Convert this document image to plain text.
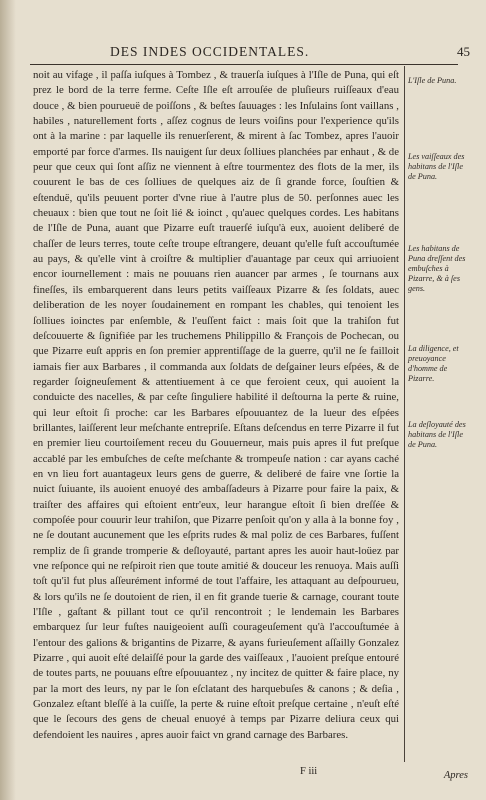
DES INDES OCCIDENTALES.	45

noit au vifage , il paſſa iuſques à Tombez , & trauerſa iuſques à l'Iſle de Puna, qui eſt prez le bord de la terre ferme. Ceſte Iſle eſt arrouſée de pluſieurs ruiſſeaux d'eau douce , & bien pourueuë de poiſſons , & beſtes ſauuages : les Inſulains ſont vaillans , habiles , naturellement forts , aſſez cognus de leurs voiſins pour l'experience qu'ils ont à la marine : par laquelle ils renuerſerent, & mirent à ſac Tombez, apres l'auoir emporté par force d'armes. Ils nauigent ſur deux ſolliues planchées par enhaut , & de peur que ceux qui ſont aſſiz ne viennent à eſtre tourmentez des flots de la mer, ils couurent le bas de ces ſolliues de quelques aiz de ſi grande force, ſouſtien & eſtenduë, qu'ils peuuent porter d'vne riue à l'autre plus de 50. perſonnes auec les cheuaux : bien que tout ne ſoit lié & ioinct , qu'auec quelques cordes. Les habitans de l'Iſle de Puna, auant que Pizarre euſt trauerſé iuſqu'à eux, auoient deliberé de chaſſer de leurs terres, toute ceſte troupe eſtrangere, deuant qu'elle fuſt accouſtumée au pays, & qu'elle vint à croiſtre & multiplier d'auantage par ceux qui arriuoient encor iournellement : mais ne pouuans rien auancer par armes , ſe tournans aux fineſſes, ils embarquerent dans leurs petits vaiſſeaux Pizarre & ſes ſoldats, auec deliberation de les noyer ſoudainement en rompant les chables, qui tenoient les ſolliues ioinctes par enſemble, & l'euſſent faict : mais ſoit que la trahiſon fut deſcouuerte & ſignifiée par les truchemens Philippillo & François de Pochecan, ou que Pizarre euſt appris en ſon premier apprentiſſage de la guerre, qu'il ne ſe failloit iamais fier aux Barbares , il commanda aux ſoldats de deſgainer leurs eſpées, & de regarder ſoigneuſement & attentiuement à ce que feroient ceux, qui auoient la conduicte des nacelles, & par ceſte ſinguliere habilité il deſtourna la perte & ruine, qui leur eſtoit ſi proche: car les Barbares eſpouuantez de la lueur des eſpées brillantes, laiſſerent leur meſchante entrepriſe. Eſtans deſcendus en terre Pizarre il fut en premier lieu courtoiſement receu du Gouuerneur, mais puis apres il fut preſque accablé par les embuſches de ceſte meſchante & trompeuſe nation : car ayans caché en vn lieu fort auantageux leurs gens de guerre, & deliberé de faire vne ſortie la nuict ſuiuante, ils auoient enuoyé des ambaſſadeurs à Pizarre pour faire la paix, & traiſter des affaires qui eſtoient entr'eux, leur harangue eſtoit ſi bien dreſſée & compoſée pour couurir leur trahiſon, que Pizarre penſoit qu'on y alla à la bonne foy , ne ſe doutant aucunement que les eſprits rudes & mal poliz de ces Barbares, fuſſent rempliz de ſi grande tromperie & deſloyauté, partant apres les auoir haut-loüez par vne reſponce qui ne reſpiroit rien que toute amitié & douceur les renuoya. Mais auſſi toſt qu'il fut plus aſſeurément informé de tout l'affaire, les attaquant au deſpourueu, & lors qu'ils ne ſe doutoient de rien, il en fit grande tuerie & carnage, courant toute l'Iſle , gaſtant & pillant tout ce qu'il rencontroit ; le lendemain les Barbares embarquez ſur leur fuſtes nauigeoient auſſi courageuſement qu'à l'accouſtumée à l'entour des galions & brigantins de Pizarre, & ayans furieuſement aſſailly Gonzalez Pizarre , qui auoit eſté delaiſſé pour la garde des vaiſſeaux , l'auoient preſque entouré de toutes parts, ne pouuans eſtre eſpouuantez , ny incitez de quitter & faire place, ny par la mort des leurs, ny par le ſon eſclatant des harquebuſes & canons ; & deſia , Gonzalez eſtant bleſſé à la cuiſſe, la perte & ruine eſtoit preſque certaine , n'euſt eſté que le ſecours des gens de cheual enuoyé à temps par Pizarre deliura ceux qui defendoient les nauires , apres auoir faict vn grand carnage des Barbares.

L'Iſle de Puna.
Les vaiſſeaux des habitans de l'Iſle de Puna.
Les habitans de Puna dreſſent des embuſches à Pizarre, & à ſes gens.
La diligence, et preuoyance d'homme de Pizarre.
La deſloyauté des habitans de l'Iſle de Puna.
F iii	Apres
